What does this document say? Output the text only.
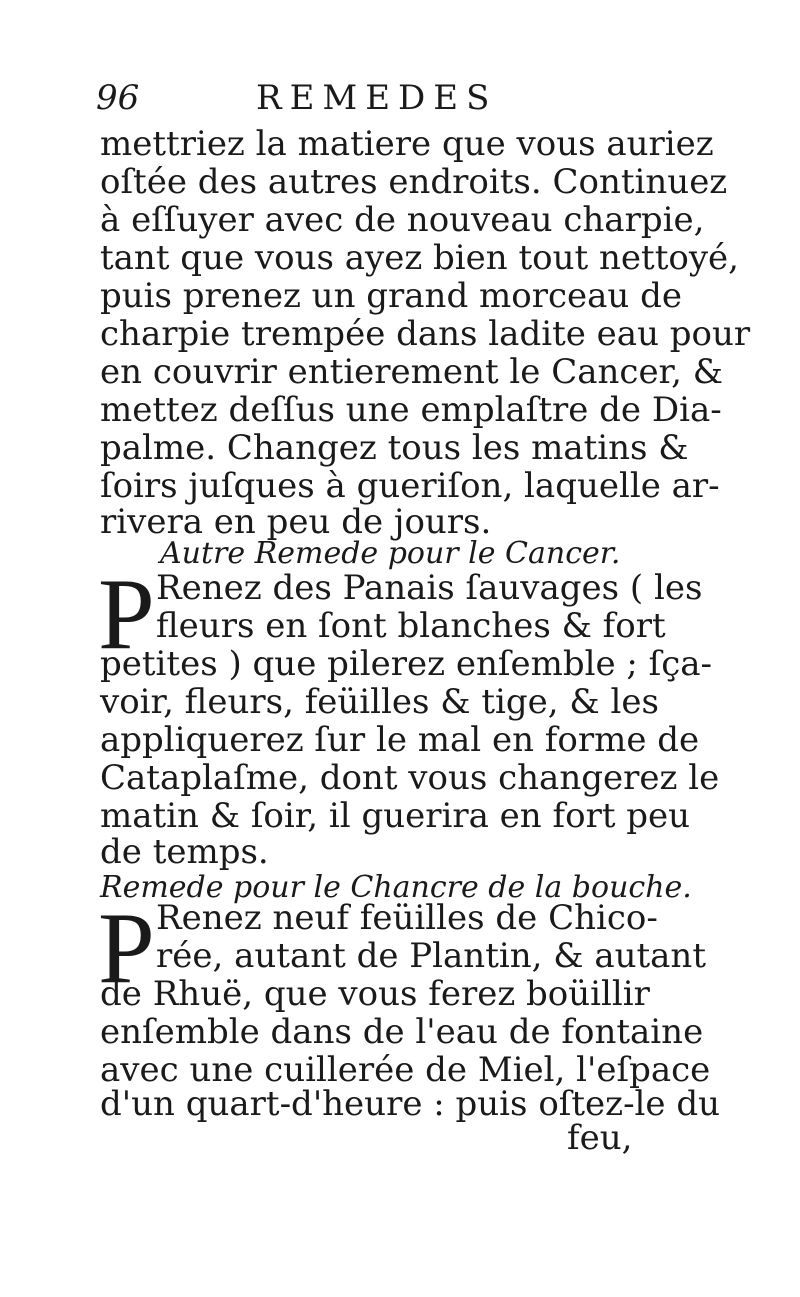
96	REMEDES
mettriez la matiere que vous auriez
oſtée des autres endroits. Continuez
à eſſuyer avec de nouveau charpie,
tant que vous ayez bien tout nettoyé,
puis prenez un grand morceau de
charpie trempée dans ladite eau pour
en couvrir entierement le Cancer, &
mettez deſſus une emplaſtre de Dia-
palme. Changez tous les matins &
ſoirs juſques à gueriſon, laquelle ar-
rivera en peu de jours.
Autre Remede pour le Cancer.
P Renez des Panais ſauvages ( les
fleurs en ſont blanches & fort
petites ) que pilerez enſemble ; ſça-
voir, fleurs, feüilles & tige, & les
appliquerez ſur le mal en forme de
Cataplaſme, dont vous changerez le
matin & ſoir, il guerira en fort peu
de temps.
Remede pour le Chancre de la bouche.
P Renez neuf feüilles de Chico-
rée, autant de Plantin, & autant
de Rhuë, que vous ferez boüillir
enſemble dans de l'eau de fontaine
avec une cuillerée de Miel, l'eſpace
d'un quart-d'heure : puis oſtez-le du
feu,
